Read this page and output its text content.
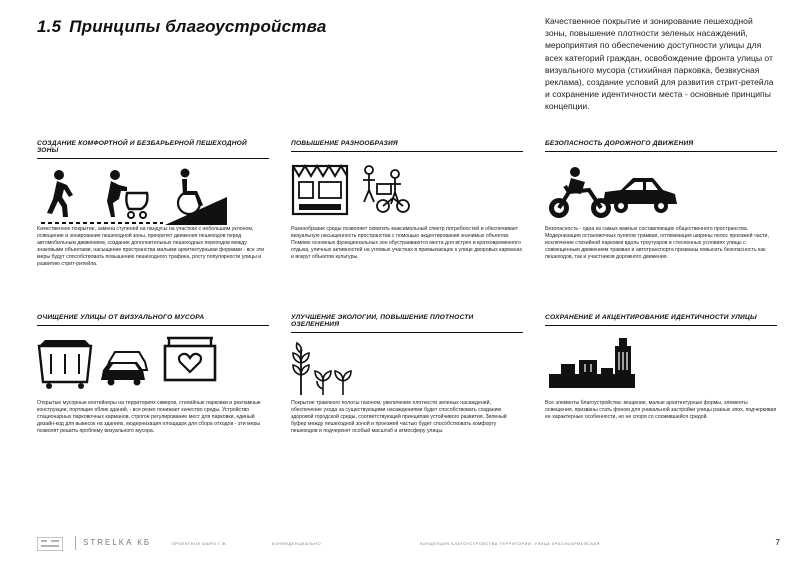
1.5 Принципы благоустройства	Качественное покрытие и зонирование пешеходной зоны, повышение плотности зеленых насаждений, мероприятия по обеспечению доступности улицы для всех категорий граждан, освобождение фронта улицы от визуального мусора (стихийная парковка, безвкусная реклама), создание условий для развития стрит-ретейла и сохранение идентичности места - основные принципы концепции.
СОЗДАНИЕ КОМФОРТНОЙ И БЕЗБАРЬЕРНОЙ ПЕШЕХОДНОЙ ЗОНЫ

Качественное покрытие, замена ступеней на пандусы на участках с небольшим уклоном, освещение и зонирование пешеходной зоны, приоритет движения пешеходов перед автомобильным движением, создание дополнительных пешеходных переходов между знаковыми объектами, насыщение пространства малыми архитектурными формами - все эти меры будут способствовать повышению пешеходного трафика, росту популярности улицы и развитию стрит-ритейла.

ПОВЫШЕНИЕ РАЗНООБРАЗИЯ

Разнообразие среды позволяет охватить максимальный спектр потребностей и обеспечивает визуальную насыщенность пространства с помощью акцентирования значимых объектов. Помимо основных функциональных зон обустраиваются места для встреч и кратковременного отдыха, уличных активностей на угловых участках в примыкающих к улице дворовых карманах и вокруг объектов культуры.

БЕЗОПАСНОСТЬ ДОРОЖНОГО ДВИЖЕНИЯ

Безопасность - одна из самых важных составляющих общественного пространства. Модернизация остановочных пунктов трамвая, оптимизация ширины полос проезжей части, исключение стихийной парковки вдоль троутуаров в стесненных условиях улицы с совмещенным движением трамвая и автотранспорта призваны повысить безопасность как пешеходов, так и участников дорожного движения.

ОЧИЩЕНИЕ УЛИЦЫ ОТ ВИЗУАЛЬНОГО МУСОРА

Открытые мусорные контейнеры на территориях скверов, стихийные парковки и рекламные конструкции, портящие облик зданий, - все резко понижает качество среды. Устройство стационарных парковочных карманов, строгое регулирование мест для парковки, единый дизайн-код для вывесок на зданиях, модернизация площадок для сбора отходов - эти меры позволят решить проблему визуального мусора.

УЛУЧШЕНИЕ ЭКОЛОГИИ, ПОВЫШЕНИЕ ПЛОТНОСТИ ОЗЕЛЕНЕНИЯ

Покрытие травяного полосы газоном, увеличение плотности зеленых насаждений, обеспечение ухода за существующими насаждениями будет способствовать созданию здоровой городской среды, соответствующей принципам устойчивого развития. Зеленый буфер между пешеходной зоной и проезжей частью будет способствовать комфорту пешеходов и подчеркнет особый масштаб и атмосферу улицы.

СОХРАНЕНИЕ И АКЦЕНТИРОВАНИЕ ИДЕНТИЧНОСТИ УЛИЦЫ

Все элементы благоустройства: мощение, малые архитектурные формы, элементы освещения, призваны стать фоном для уникальной застройки улицы разных эпох, подчеркивая ее характерные особенности, но не споря со сложившейся средой.

STRELKA КБ	ПРОЕКТНОЕ БЮРО Г.Ж.	КОНФИДЕНЦИАЛЬНО	КОНЦЕПЦИЯ БЛАГОУСТРОЙСТВА ТЕРРИТОРИИ. УЛИЦА КРАСНОАРМЕЙСКАЯ	7
